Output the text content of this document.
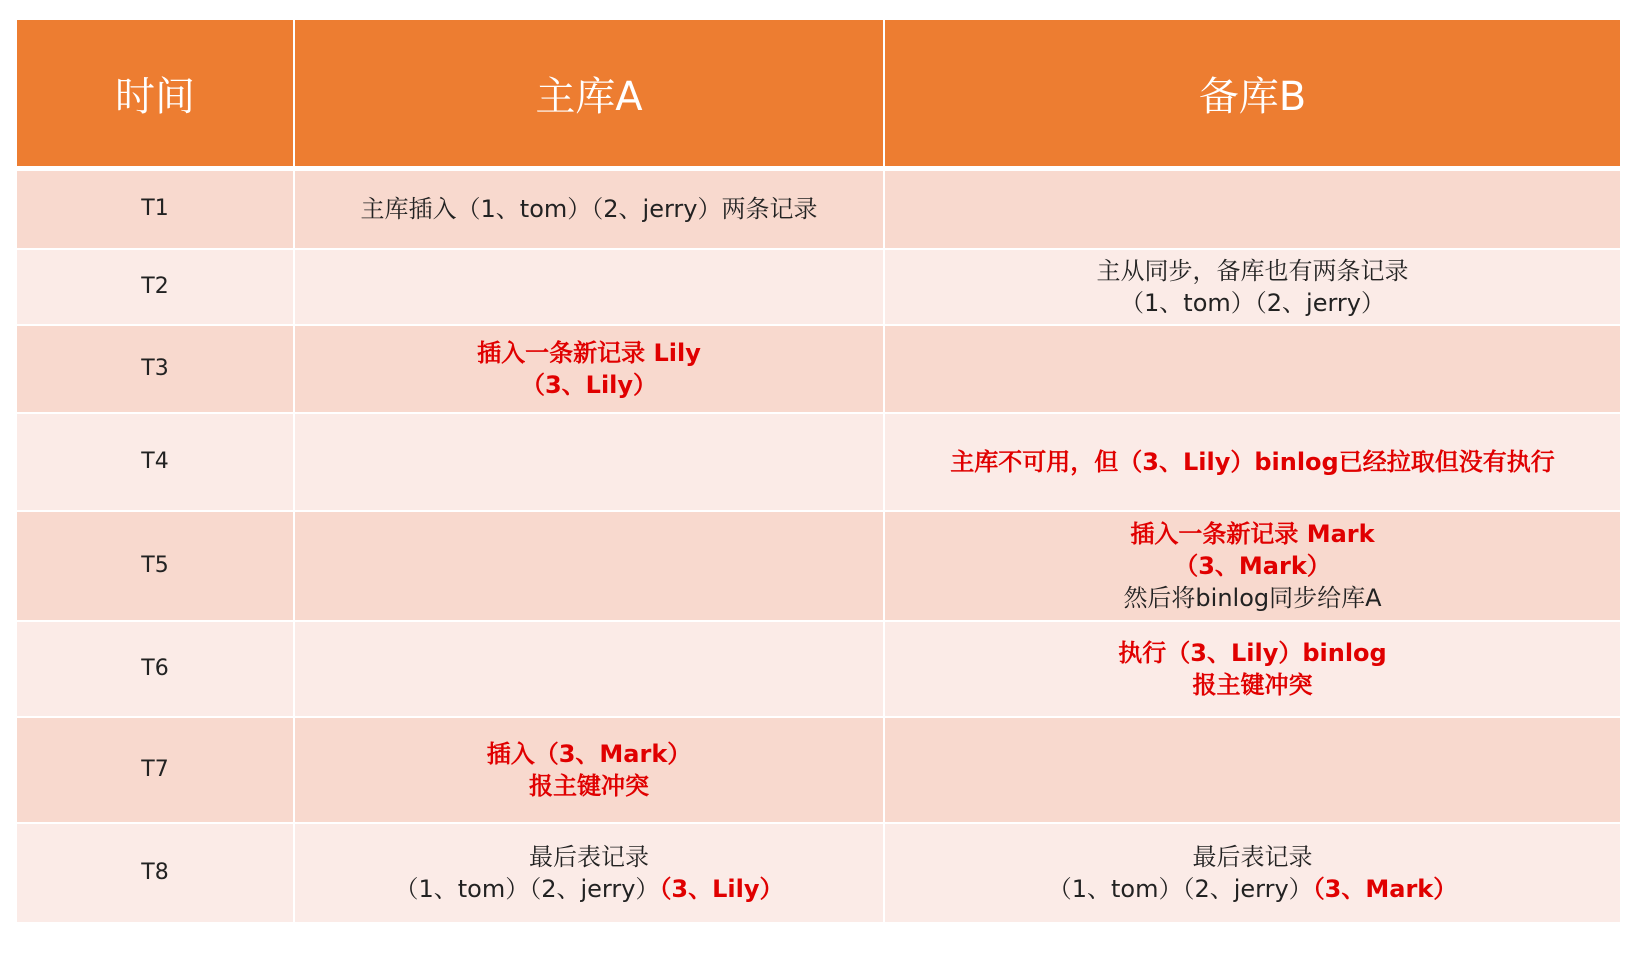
时间	主库A	备库B
T1	主库插入（1、tom）（2、jerry）两条记录	

T2		主从同步，备库也有两条记录
（1、tom）（2、jerry）

T3	插入一条新记录 Lily
（3、Lily）	

T4		主库不可用，但（3、Lily）binlog已经拉取但没有执行

T5		插入一条新记录 Mark
（3、Mark）
然后将binlog同步给库A

T6		执行（3、Lily）binlog
报主键冲突

T7	插入（3、Mark）
报主键冲突	

T8	最后表记录
（1、tom）（2、jerry）（3、Lily）	最后表记录
（1、tom）（2、jerry）（3、Mark）
